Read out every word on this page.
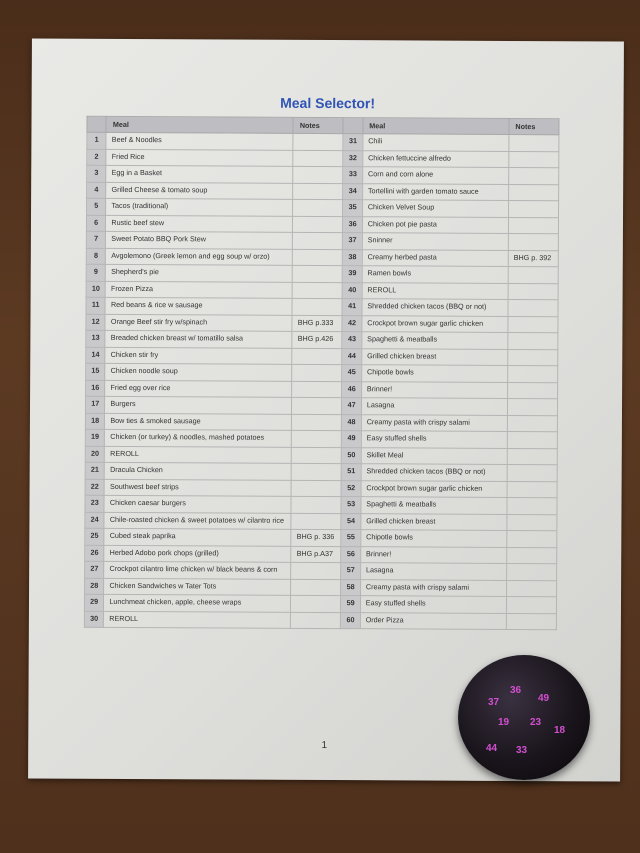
Meal Selector!
	Meal	Notes		Meal	Notes
1	Beef & Noodles		31	Chili	
2	Fried Rice		32	Chicken fettuccine alfredo	
3	Egg in a Basket		33	Corn and corn alone	
4	Grilled Cheese & tomato soup		34	Tortellini with garden tomato sauce	
5	Tacos (traditional)		35	Chicken Velvet Soup	
6	Rustic beef stew		36	Chicken pot pie pasta	
7	Sweet Potato BBQ Pork Stew		37	Sninner	
8	Avgolemono (Greek lemon and egg soup w/ orzo)		38	Creamy herbed pasta	BHG p. 392
9	Shepherd's pie		39	Ramen bowls	
10	Frozen Pizza		40	REROLL	
11	Red beans & rice w sausage		41	Shredded chicken tacos (BBQ or not)	
12	Orange Beef stir fry w/spinach	BHG p.333	42	Crockpot brown sugar garlic chicken	
13	Breaded chicken breast w/ tomatillo salsa	BHG p.426	43	Spaghetti & meatballs	
14	Chicken stir fry		44	Grilled chicken breast	
15	Chicken noodle soup		45	Chipotle bowls	
16	Fried egg over rice		46	Brinner!	
17	Burgers		47	Lasagna	
18	Bow ties & smoked sausage		48	Creamy pasta with crispy salami	
19	Chicken (or turkey) & noodles, mashed potatoes		49	Easy stuffed shells	
20	REROLL		50	Skillet Meal	
21	Dracula Chicken		51	Shredded chicken tacos (BBQ or not)	
22	Southwest beef strips		52	Crockpot brown sugar garlic chicken	
23	Chicken caesar burgers		53	Spaghetti & meatballs	
24	Chile-roasted chicken & sweet potatoes w/ cilantro rice		54	Grilled chicken breast	
25	Cubed steak paprika	BHG p. 336	55	Chipotle bowls	
26	Herbed Adobo pork chops (grilled)	BHG p.A37	56	Brinner!	
27	Crockpot cilantro lime chicken w/ black beans & corn		57	Lasagna	
28	Chicken Sandwiches w Tater Tots		58	Creamy pasta with crispy salami	
29	Lunchmeat chicken, apple, cheese wraps		59	Easy stuffed shells	
30	REROLL		60	Order Pizza	
1
37
36
49
19 23
18
33
44
